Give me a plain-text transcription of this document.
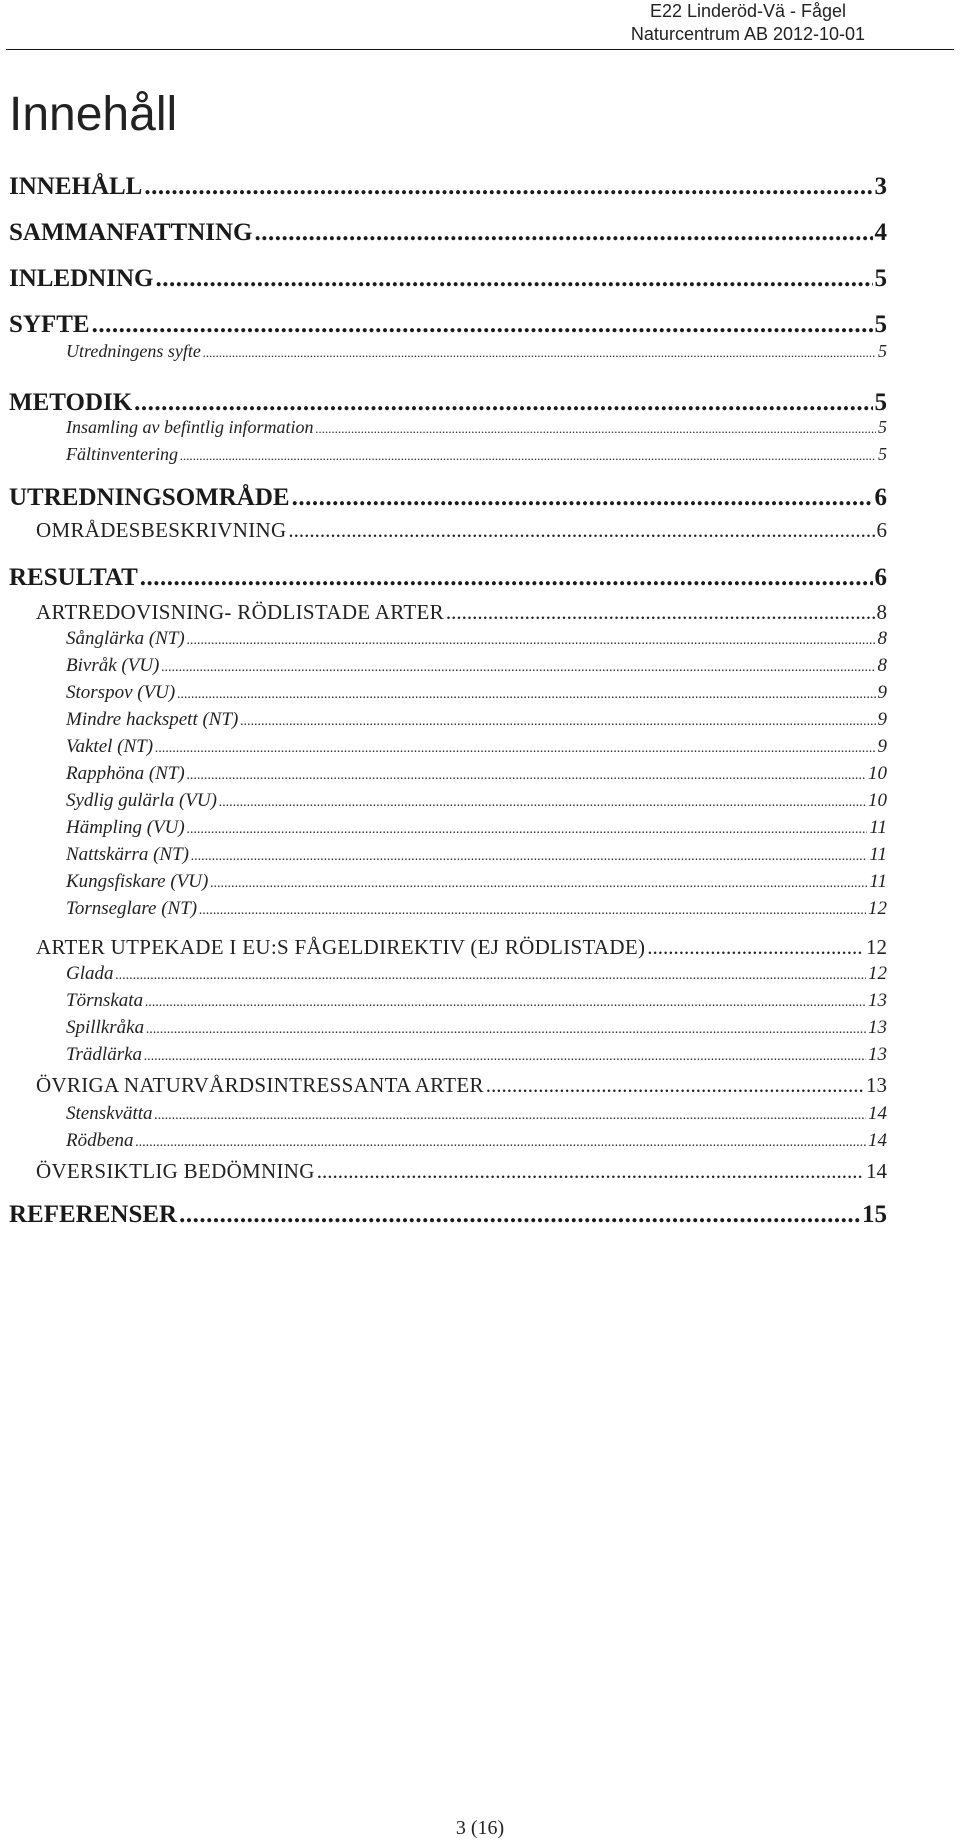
E22 Linderöd-Vä - Fågel
Naturcentrum AB 2012-10-01
Innehåll
INNEHÅLL .....	3
SAMMANFATTNING .....	4
INLEDNING .....	5
SYFTE .....	5
Utredningens syfte .....	5
METODIK .....	5
Insamling av befintlig information .....	5
Fältinventering .....	5
UTREDNINGSOMRÅDE .....	6
OMRÅDESBESKRIVNING .....	6
RESULTAT .....	6
ARTREDOVISNING- RÖDLISTADE ARTER .....	8
Sånglärka (NT) .....	8
Bivråk (VU) .....	8
Storspov (VU) .....	9
Mindre hackspett (NT) .....	9
Vaktel (NT) .....	9
Rapphöna (NT) .....	10
Sydlig gulärla (VU) .....	10
Hämpling (VU) .....	11
Nattskärra (NT) .....	11
Kungsfiskare (VU) .....	11
Tornseglare (NT) .....	12
ARTER UTPEKADE I EU:S FÅGELDIREKTIV (EJ RÖDLISTADE) .....	12
Glada .....	12
Törnskata .....	13
Spillkråka .....	13
Trädlärka .....	13
ÖVRIGA NATURVÅRDSINTRESSANTA ARTER .....	13
Stenskvätta .....	14
Rödbena .....	14
ÖVERSIKTLIG BEDÖMNING .....	14
REFERENSER .....	15
3 (16)
